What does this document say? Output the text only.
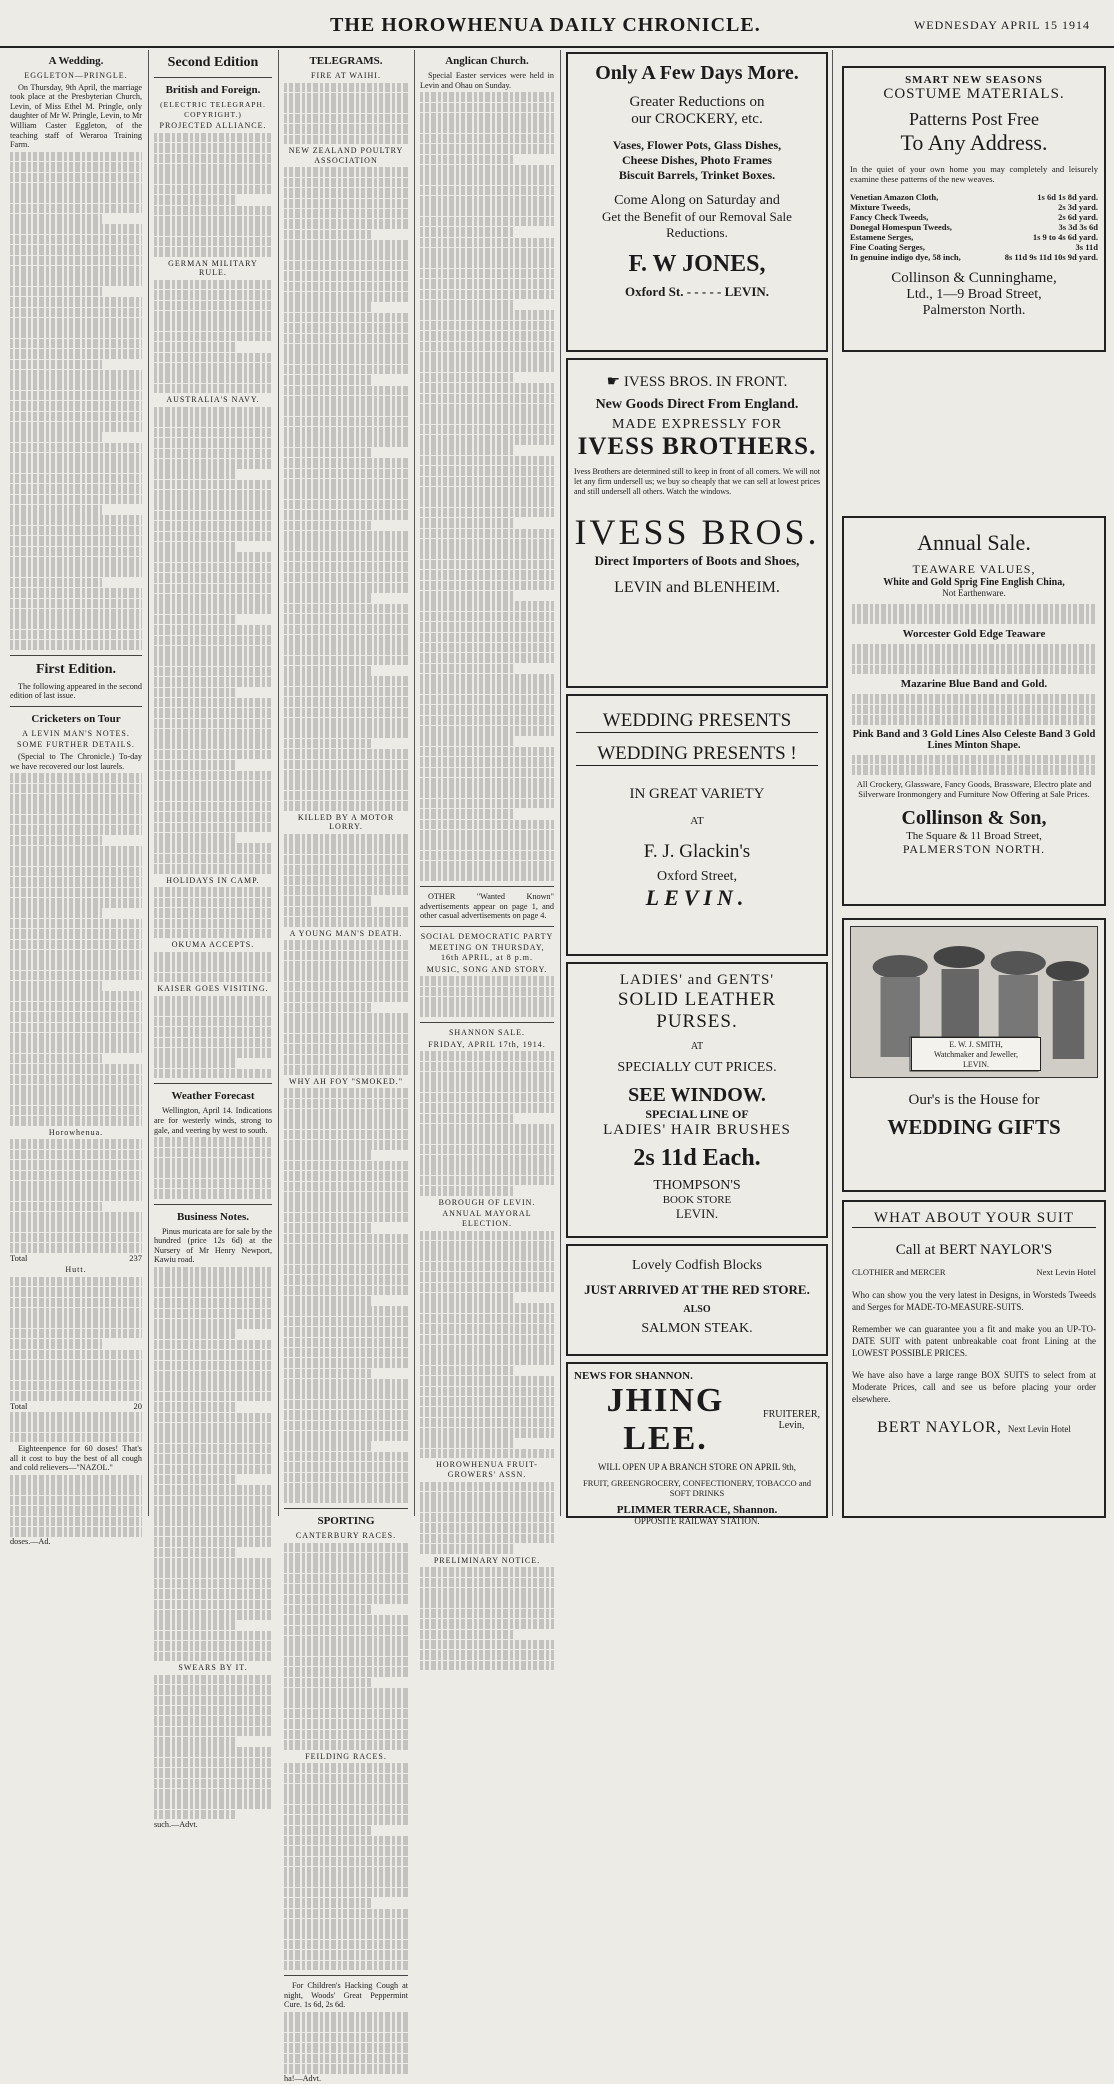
THE HOROWHENUA DAILY CHRONICLE.	WEDNESDAY APRIL 15 1914
A Wedding.
EGGLETON—PRINGLE.

On Thursday, 9th April, the marriage took place at the Presbyterian Church, Levin, of Miss Ethel M. Pringle, only daughter of Mr W. Pringle, Levin, to Mr William Caster Eggleton, of the teaching staff of Weraroa Training Farm.

First Edition.

The following appeared in the second edition of last issue.

Cricketers on Tour
A LEVIN MAN'S NOTES.
SOME FURTHER DETAILS.

(Special to The Chronicle.) To-day we have recovered our lost laurels.

Horowhenua.
Total	237
Hutt.
Total	20

Eighteenpence for 60 doses! That's all it cost to buy the best of all cough and cold relievers—"NAZOL."

doses.—Ad.
Second Edition
British and Foreign.
(ELECTRIC TELEGRAPH. COPYRIGHT.)
PROJECTED ALLIANCE.
GERMAN MILITARY RULE.
AUSTRALIA'S NAVY.
HOLIDAYS IN CAMP.
OKUMA ACCEPTS.
KAISER GOES VISITING.
Weather Forecast

Wellington, April 14. Indications are for westerly winds, strong to gale, and veering by west to south.

Business Notes.

Pinus muricata are for sale by the hundred (price 12s 6d) at the Nursery of Mr Henry Newport, Kawiu road.

SWEARS BY IT.
such.—Advt.
TELEGRAMS.
FIRE AT WAIHI.
NEW ZEALAND POULTRY ASSOCIATION
KILLED BY A MOTOR LORRY.
A YOUNG MAN'S DEATH.
WHY AH FOY "SMOKED."
SPORTING
CANTERBURY RACES.
FEILDING RACES.

For Children's Hacking Cough at night, Woods' Great Peppermint Cure. 1s 6d, 2s 6d.

ha!—Advt.
Anglican Church.

Special Easter services were held in Levin and Ohau on Sunday.

OTHER "Wanted Known" advertisements appear on page 1, and other casual advertisements on page 4.

SOCIAL DEMOCRATIC PARTY
MEETING ON THURSDAY, 16th APRIL, at 8 p.m.
MUSIC, SONG AND STORY.
SHANNON SALE.
FRIDAY, APRIL 17th, 1914.
BOROUGH OF LEVIN.
ANNUAL MAYORAL ELECTION.
HOROWHENUA FRUIT-GROWERS' ASSN.
PRELIMINARY NOTICE.
Only A Few Days More.
Greater Reductions on
our CROCKERY, etc.
Vases, Flower Pots, Glass Dishes,
Cheese Dishes, Photo Frames
Biscuit Barrels, Trinket Boxes.
Come Along on Saturday and
Get the Benefit of our Removal Sale Reductions.
F. W JONES,
Oxford St. - - - - - LEVIN.
☛ IVESS BROS. IN FRONT.
New Goods Direct From England.
MADE EXPRESSLY FOR
IVESS BROTHERS.
Ivess Brothers are determined still to keep in front of all comers. We will not let any firm undersell us; we buy so cheaply that we can sell at lowest prices and still undersell all others. Watch the windows.
IVESS BROS.
Direct Importers of Boots and Shoes,
LEVIN and BLENHEIM.
WEDDING PRESENTS
WEDDING PRESENTS !
IN GREAT VARIETY
AT
F. J. Glackin's
Oxford Street,
LEVIN.
LADIES' and GENTS'
SOLID LEATHER PURSES.
AT
SPECIALLY CUT PRICES.
SEE WINDOW.
SPECIAL LINE OF
LADIES' HAIR BRUSHES
2s 11d Each.
THOMPSON'S
BOOK STORE
LEVIN.
Lovely Codfish Blocks
JUST ARRIVED AT THE RED STORE.
ALSO
SALMON STEAK.
NEWS FOR SHANNON.
JHING LEE.
FRUITERER, Levin,
WILL OPEN UP A BRANCH STORE ON APRIL 9th,
FRUIT, GREENGROCERY, CONFECTIONERY, TOBACCO and SOFT DRINKS
PLIMMER TERRACE, Shannon.
OPPOSITE RAILWAY STATION.
SMART NEW SEASONS
COSTUME MATERIALS.
Patterns Post Free
To Any Address.
In the quiet of your own home you may completely and leisurely examine these patterns of the new weaves.
Venetian Amazon Cloth,	1s 6d 1s 8d yard.
Mixture Tweeds,	2s 3d yard.
Fancy Check Tweeds,	2s 6d yard.
Donegal Homespun Tweeds,	3s 3d 3s 6d
Estamene Serges,	1s 9 to 4s 6d yard.
Fine Coating Serges,	3s 11d
In genuine indigo dye, 58 inch,	8s 11d 9s 11d 10s 9d yard.
Collinson & Cunninghame,
Ltd., 1—9 Broad Street,
Palmerston North.
Annual Sale.
TEAWARE VALUES,
White and Gold Sprig Fine English China,
Not Earthenware.
Worcester Gold Edge Teaware
Mazarine Blue Band and Gold.
Pink Band and 3 Gold Lines Also Celeste Band 3 Gold Lines Minton Shape.
All Crockery, Glassware, Fancy Goods, Brassware, Electro plate and Silverware Ironmongery and Furniture Now Offering at Sale Prices.
Collinson & Son,
The Square & 11 Broad Street,
PALMERSTON NORTH.
E. W. J. SMITH,
Watchmaker and Jeweller,
LEVIN.
Our's is the House for
WEDDING GIFTS
WHAT ABOUT YOUR SUIT
Call at BERT NAYLOR'S
CLOTHIER and MERCER	Next Levin Hotel
Who can show you the very latest in Designs, in Worsteds Tweeds and Serges for MADE-TO-MEASURE-SUITS.
Remember we can guarantee you a fit and make you an UP-TO-DATE SUIT with patent unbreakable coat front Lining at the LOWEST POSSIBLE PRICES.
We have also have a large range BOX SUITS to select from at Moderate Prices, call and see us before placing your order elsewhere.
BERT NAYLOR, Next Levin Hotel
